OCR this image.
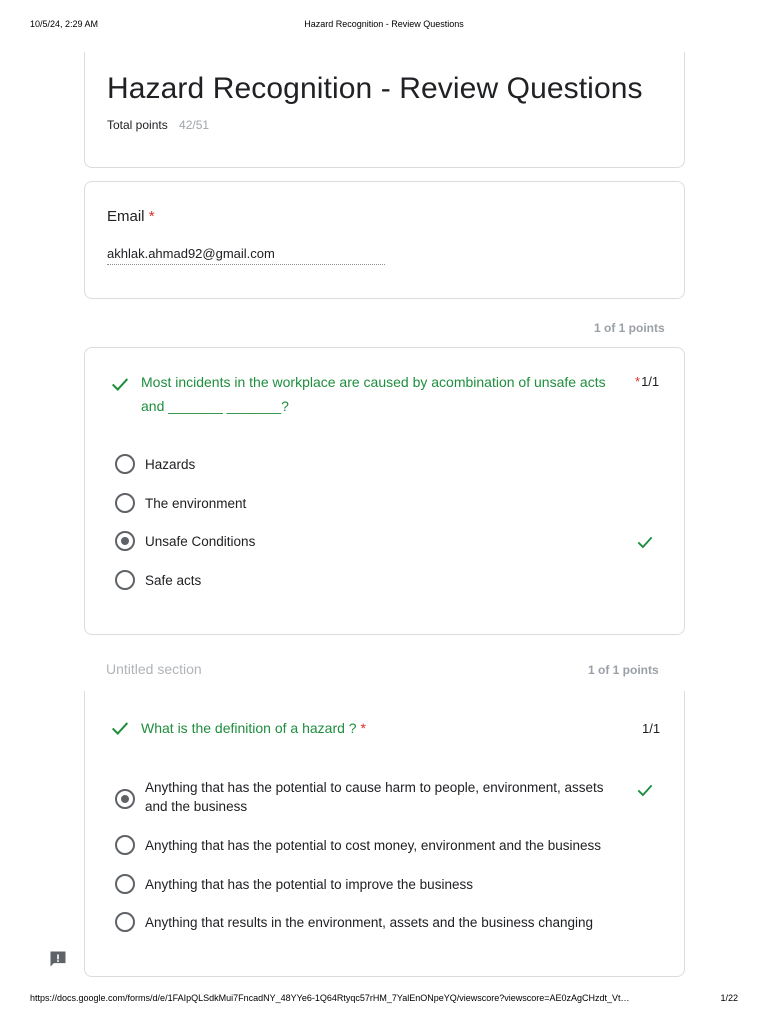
10/5/24, 2:29 AM	Hazard Recognition - Review Questions
Hazard Recognition - Review Questions
Total points 42/51
Email *
akhlak.ahmad92@gmail.com
1 of 1 points
Most incidents in the workplace are caused by acombination of unsafe acts and _______ _______?
*1/1
Hazards
The environment
Unsafe Conditions
Safe acts
Untitled section	1 of 1 points
What is the definition of a hazard ? *	1/1
Anything that has the potential to cause harm to people, environment, assets and the business
Anything that has the potential to cost money, environment and the business
Anything that has the potential to improve the business
Anything that results in the environment, assets and the business changing
https://docs.google.com/forms/d/e/1FAIpQLSdkMui7FncadNY_48YYe6-1Q64Rtyqc57rHM_7YalEnONpeYQ/viewscore?viewscore=AE0zAgCHzdt_Vt…	1/22
